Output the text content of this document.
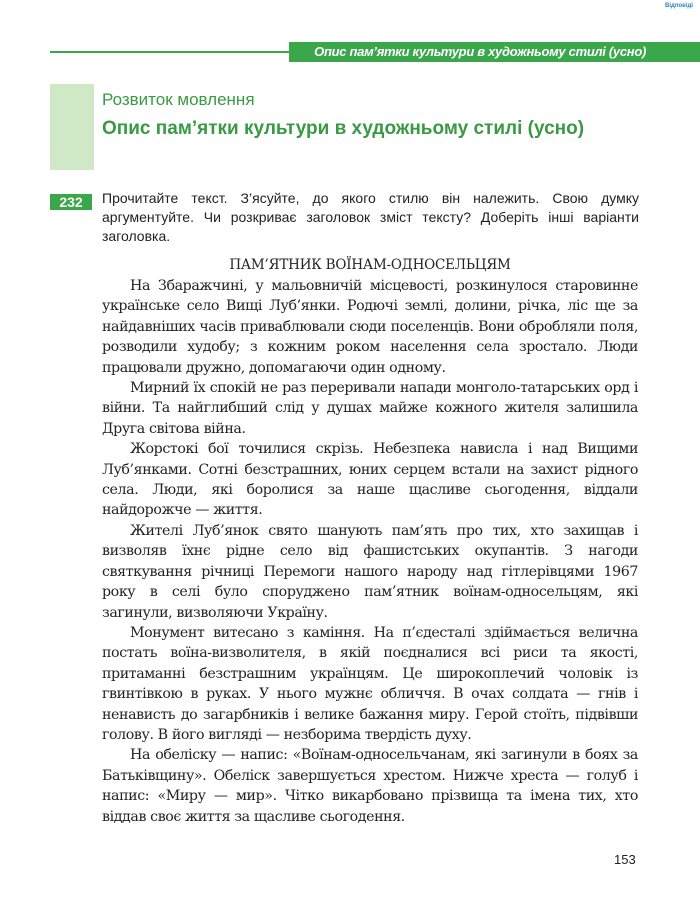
Відповіді
Опис пам’ятки культури в художньому стилі (усно)
Розвиток мовлення
Опис пам’ятки культури в художньому стилі (усно)
232	Прочитайте текст. З’ясуйте, до якого стилю він належить. Свою думку аргументуйте. Чи розкриває заголовок зміст тексту? Доберіть інші варіанти заголовка.
ПАМ’ЯТНИК ВОЇНАМ-ОДНОСЕЛЬЦЯМ

На Збаражчині, у мальовничій місцевості, розкинулося старовинне українське село Вищі Луб’янки. Родючі землі, долини, річка, ліс ще за найдавніших часів приваблювали сюди поселенців. Вони обробляли поля, розводили худобу; з кожним роком населення села зростало. Люди працювали дружно, допомагаючи один одному.

Мирний їх спокій не раз переривали напади монголо-татарських орд і війни. Та найглибший слід у душах майже кожного жителя залишила Друга світова війна.

Жорстокі бої точилися скрізь. Небезпека нависла і над Вищими Луб’янками. Сотні безстрашних, юних серцем встали на захист рідного села. Люди, які боролися за наше щасливе сьогодення, віддали найдорожче — життя.

Жителі Луб’янок свято шанують пам’ять про тих, хто захищав і визволяв їхнє рідне село від фашистських окупантів. З нагоди святкування річниці Перемоги нашого народу над гітлерівцями 1967 року в селі було споруджено пам’ятник воїнам-односельцям, які загинули, визволяючи Україну.

Монумент витесано з каміння. На п’єдесталі здіймається велична постать воїна-визволителя, в якій поєдналися всі риси та якості, притаманні безстрашним українцям. Це широкоплечий чоловік із гвинтівкою в руках. У нього мужнє обличчя. В очах солдата — гнів і ненависть до загарбників і велике бажання миру. Герой стоїть, підвівши голову. В його вигляді — незборима твердість духу.

На обеліску — напис: «Воїнам-односельчанам, які загинули в боях за Батьківщину». Обеліск завершується хрестом. Нижче хреста — голуб і напис: «Миру — мир». Чітко викарбовано прізвища та імена тих, хто віддав своє життя за щасливе сьогодення.

153
